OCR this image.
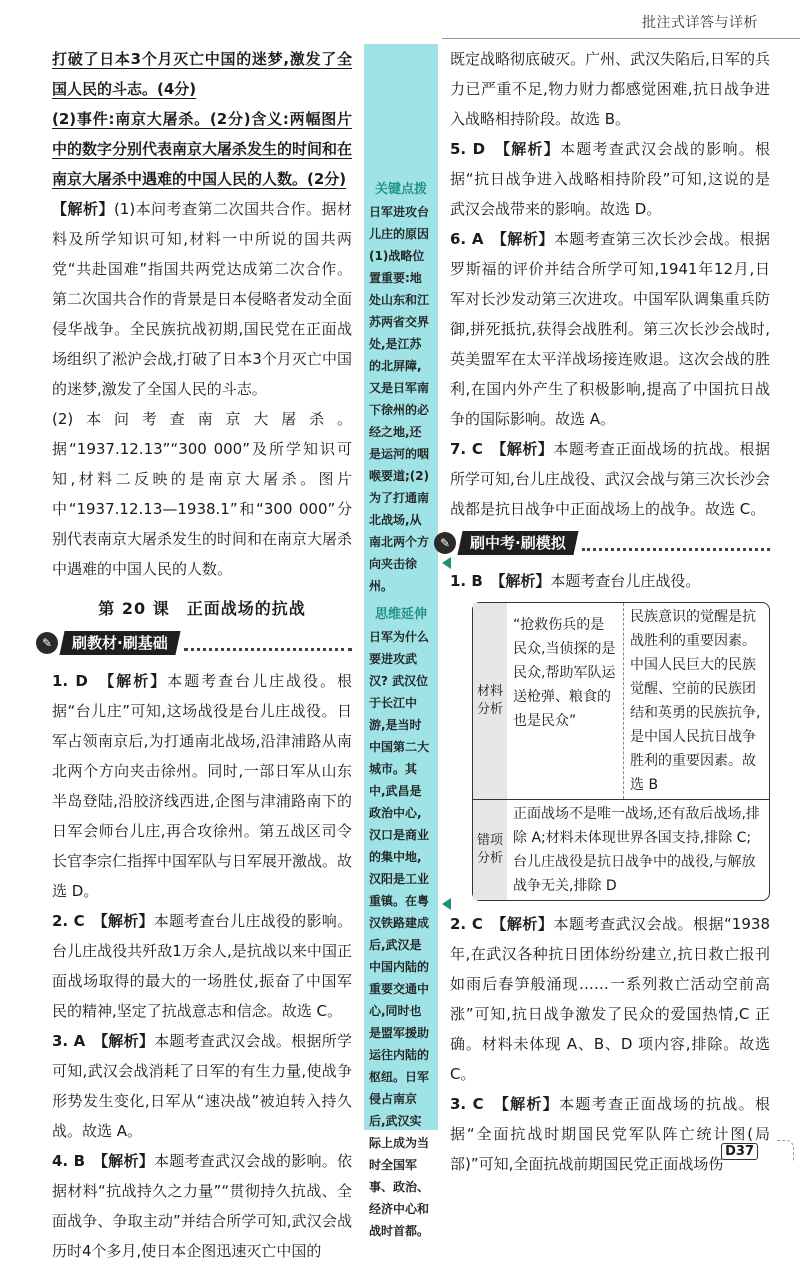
批注式详答与详析

打破了日本3个月灭亡中国的迷梦,激发了全国人民的斗志。(4分)

(2)事件:南京大屠杀。(2分)含义:两幅图片中的数字分别代表南京大屠杀发生的时间和在南京大屠杀中遇难的中国人民的人数。(2分)

【解析】(1)本问考查第二次国共合作。据材料及所学知识可知,材料一中所说的国共两党“共赴国难”指国共两党达成第二次合作。第二次国共合作的背景是日本侵略者发动全面侵华战争。全民族抗战初期,国民党在正面战场组织了淞沪会战,打破了日本3个月灭亡中国的迷梦,激发了全国人民的斗志。

(2)本问考查南京大屠杀。据“1937.12.13”“300 000”及所学知识可知,材料二反映的是南京大屠杀。图片中“1937.12.13—1938.1”和“300 000”分别代表南京大屠杀发生的时间和在南京大屠杀中遇难的中国人民的人数。

第 20 课　正面战场的抗战
✎	刷教材·刷基础

1. D　 【解析】本题考查台儿庄战役。根据“台儿庄”可知,这场战役是台儿庄战役。日军占领南京后,为打通南北战场,沿津浦路从南北两个方向夹击徐州。同时,一部日军从山东半岛登陆,沿胶济线西进,企图与津浦路南下的日军会师台儿庄,再合攻徐州。第五战区司令长官李宗仁指挥中国军队与日军展开激战。故选 D。

2. C　 【解析】本题考查台儿庄战役的影响。台儿庄战役共歼敌1万余人,是抗战以来中国正面战场取得的最大的一场胜仗,振奋了中国军民的精神,坚定了抗战意志和信念。故选 C。

3. A　 【解析】本题考查武汉会战。根据所学可知,武汉会战消耗了日军的有生力量,使战争形势发生变化,日军从“速决战”被迫转入持久战。故选 A。

4. B　 【解析】本题考查武汉会战的影响。依据材料“抗战持久之力量”“贯彻持久抗战、全面战争、争取主动”并结合所学可知,武汉会战历时4个多月,使日本企图迅速灭亡中国的

关键点拨
日军进攻台儿庄的原因 (1)战略位置重要:地处山东和江苏两省交界处,是江苏的北屏障,又是日军南下徐州的必经之地,还是运河的咽喉要道;(2)为了打通南北战场,从南北两个方向夹击徐州。
思维延伸
日军为什么要进攻武汉? 武汉位于长江中游,是当时中国第二大城市。其中,武昌是政治中心,汉口是商业的集中地,汉阳是工业重镇。在粤汉铁路建成后,武汉是中国内陆的重要交通中心,同时也是盟军援助运往内陆的枢纽。日军侵占南京后,武汉实际上成为当时全国军事、政治、经济中心和战时首都。

既定战略彻底破灭。广州、武汉失陷后,日军的兵力已严重不足,物力财力都感觉困难,抗日战争进入战略相持阶段。故选 B。

5. D　 【解析】本题考查武汉会战的影响。根据“抗日战争进入战略相持阶段”可知,这说的是武汉会战带来的影响。故选 D。

6. A　 【解析】本题考查第三次长沙会战。根据罗斯福的评价并结合所学可知,1941年12月,日军对长沙发动第三次进攻。中国军队调集重兵防御,拼死抵抗,获得会战胜利。第三次长沙会战时,英美盟军在太平洋战场接连败退。这次会战的胜利,在国内外产生了积极影响,提高了中国抗日战争的国际影响。故选 A。

7. C　 【解析】本题考查正面战场的抗战。根据所学可知,台儿庄战役、武汉会战与第三次长沙会战都是抗日战争中正面战场上的战争。故选 C。

✎	刷中考·刷模拟

1. B　 【解析】本题考查台儿庄战役。

材料分析
“抢救伤兵的是民众,当侦探的是民众,帮助军队运送枪弹、粮食的也是民众”
民族意识的觉醒是抗战胜利的重要因素。中国人民巨大的民族觉醒、空前的民族团结和英勇的民族抗争,是中国人民抗日战争胜利的重要因素。故选 B
错项分析
正面战场不是唯一战场,还有敌后战场,排除 A;材料未体现世界各国支持,排除 C;台儿庄战役是抗日战争中的战役,与解放战争无关,排除 D

2. C　 【解析】本题考查武汉会战。根据“1938年,在武汉各种抗日团体纷纷建立,抗日救亡报刊如雨后春笋般涌现……一系列救亡活动空前高涨”可知,抗日战争激发了民众的爱国热情,C 正确。材料未体现 A、B、D 项内容,排除。故选 C。

3. C　 【解析】本题考查正面战场的抗战。根据“全面抗战时期国民党军队阵亡统计图(局部)”可知,全面抗战前期国民党正面战场伤

D37
